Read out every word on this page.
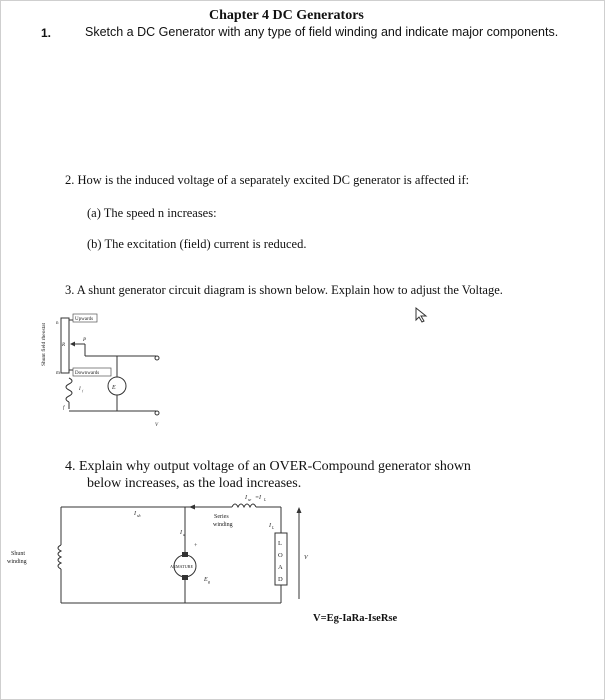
Chapter 4 DC Generators
1.	Sketch a DC Generator with any type of field winding and indicate major components.
2. How is the induced voltage of a separately excited DC generator is affected if:
(a) The speed n increases:
(b) The excitation (field) current is reduced.
3. A shunt generator circuit diagram is shown below. Explain how to adjust the Voltage.
Shunt field rheostat
Upwards
Downwards
n
m
R
P
I f
f
E
V
4. Explain why output voltage of an OVER-Compound generator shown
below increases, as the load increases.
I se =I L
I sh	Series
winding
Shunt
winding
I a
+
ARMATURE
E g
L
O
A
D
I L
V
V=Eg-IaRa-IseRse
